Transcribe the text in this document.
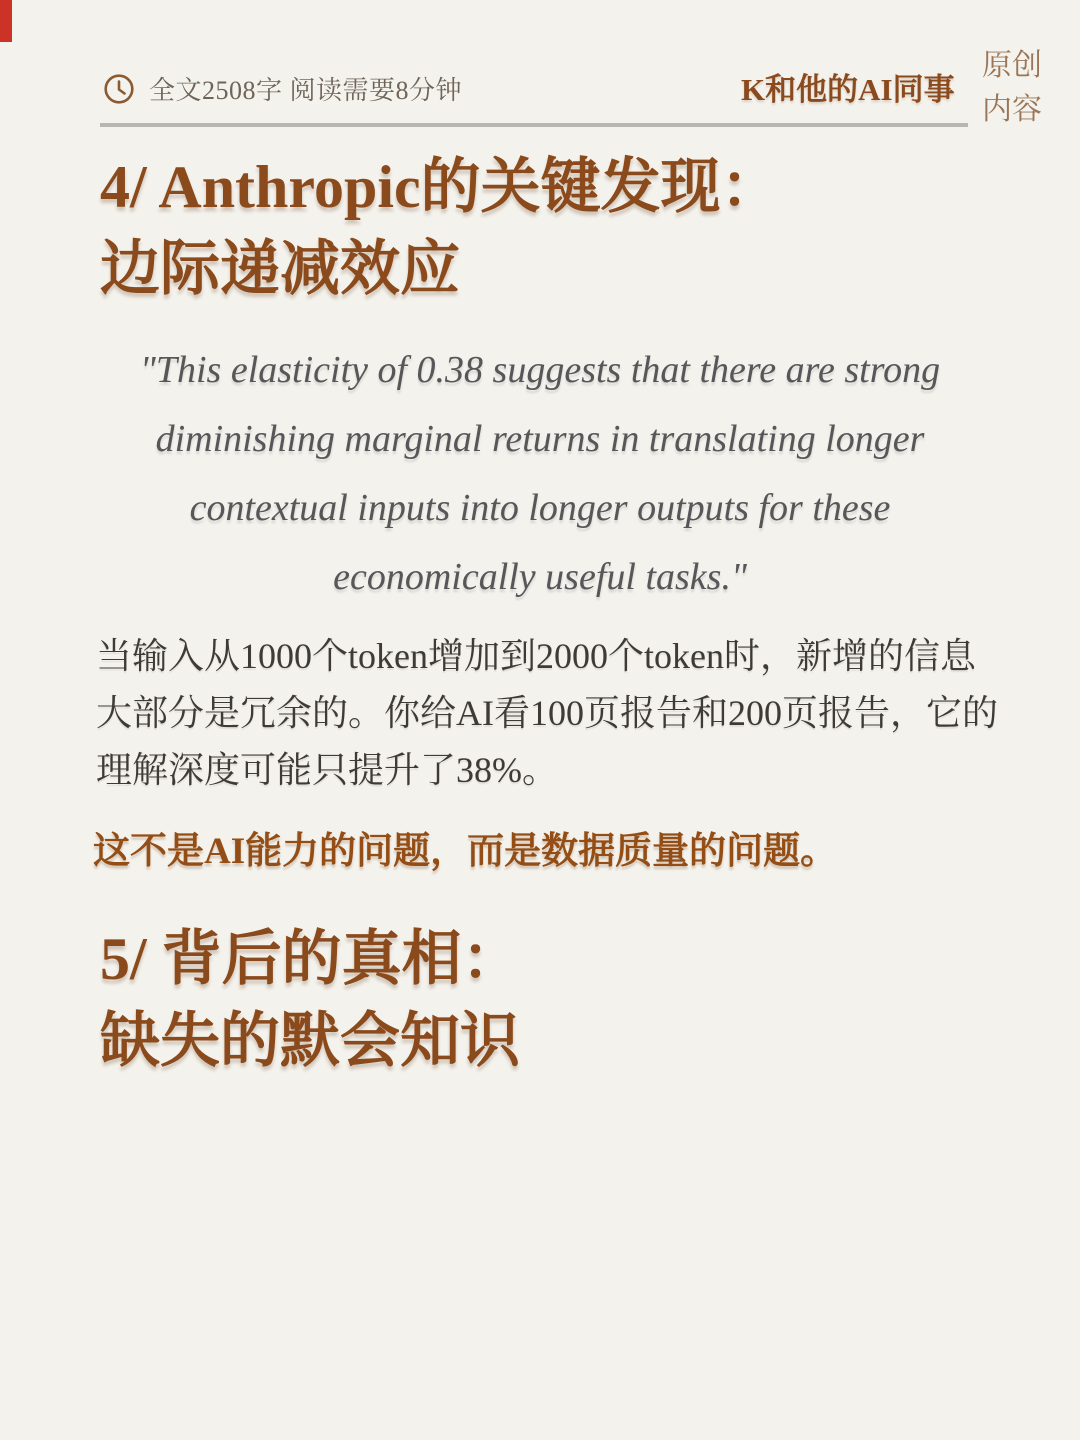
全文2508字 阅读需要8分钟	K和他的AI同事
原创
内容
4/ Anthropic的关键发现：
边际递减效应
"This elasticity of 0.38 suggests that there are strong
diminishing marginal returns in translating longer
contextual inputs into longer outputs for these
economically useful tasks."
当输入从1000个token增加到2000个token时，新增的信息
大部分是冗余的。你给AI看100页报告和200页报告，它的
理解深度可能只提升了38%。
这不是AI能力的问题，而是数据质量的问题。
5/ 背后的真相：
缺失的默会知识
